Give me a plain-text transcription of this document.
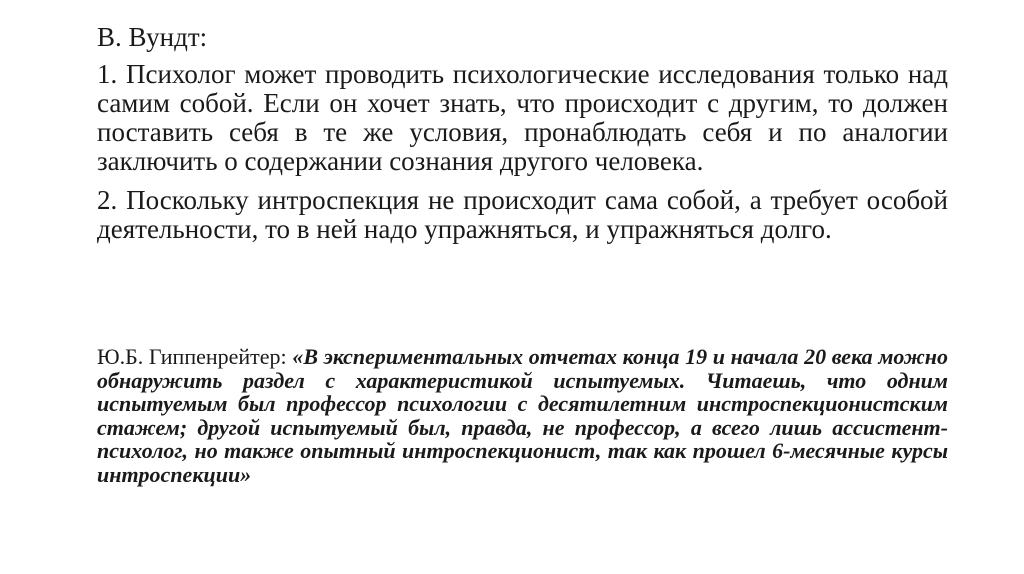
В. Вундт:

1. Психолог может проводить психологические исследования только над самим собой. Если он хочет знать, что происходит с другим, то должен поставить себя в те же условия, пронаблюдать себя и по аналогии заключить о содержании сознания другого человека.

2. Поскольку интроспекция не происходит сама собой, а требует особой деятельности, то в ней надо упражняться, и упражняться долго.

Ю.Б. Гиппенрейтер: «В экспериментальных отчетах конца 19 и начала 20 века можно обнаружить раздел с характеристикой испытуемых. Читаешь, что одним испытуемым был профессор психологии с десятилетним инстроспекционистским стажем; другой испытуемый был, правда, не профессор, а всего лишь ассистент-психолог, но также опытный интроспекционист, так как прошел 6-месячные курсы интроспекции»
